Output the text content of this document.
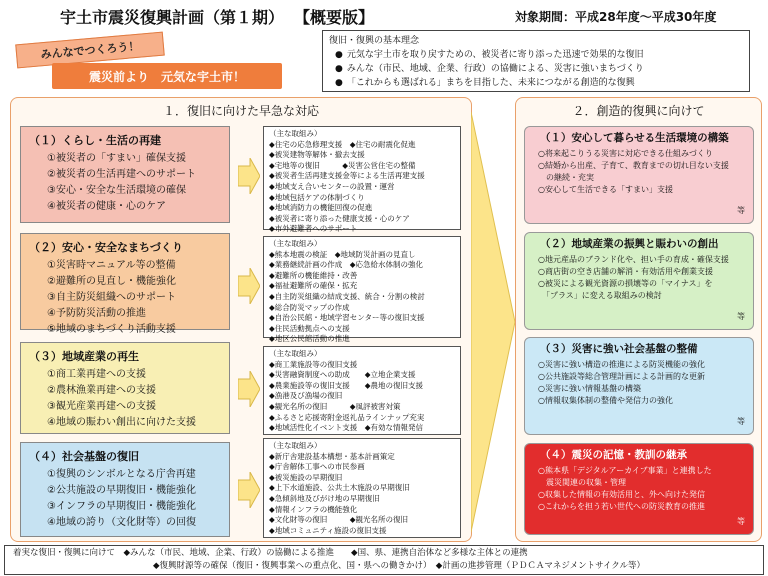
宇土市震災復興計画（第１期） 【概要版】	対象期間：平成28年度～平成30年度
みんなでつくろう！
震災前より　元気な宇土市！
復旧・復興の基本理念
● 元気な宇土市を取り戻すための、被災者に寄り添った迅速で効果的な復旧
● みんな（市民、地域、企業、行政）の協働による、災害に強いまちづくり
● 「これからも選ばれる」まちを目指した、未来につながる創造的な復興
１．復旧に向けた早急な対応	２．創造的復興に向けて
（１）くらし・生活の再建
①被災者の「すまい」確保支援
②被災者の生活再建へのサポート
③安心・安全な生活環境の確保
④被災者の健康・心のケア
（２）安心・安全なまちづくり
①災害時マニュアル等の整備
②避難所の見直し・機能強化
③自主防災組織へのサポート
④予防防災活動の推進
⑤地域のまちづくり活動支援
（３）地域産業の再生
①商工業再建への支援
②農林漁業再建への支援
③観光産業再建への支援
④地域の賑わい創出に向けた支援
（４）社会基盤の復旧
①復興のシンボルとなる庁舎再建
②公共施設の早期復旧・機能強化
③インフラの早期復旧・機能強化
④地域の誇り（文化財等）の回復
（主な取組み）
◆住宅の応急修理支援　◆住宅の耐震化促進
◆被災建物等解体・撤去支援
◆宅地等の復旧　　　◆災害公営住宅の整備
◆被災者生活再建支援金等による生活再建支援
◆地域支え合いセンターの設置・運営
◆地域包括ケアの体制づくり
◆地域消防力の機能回復の促進
◆被災者に寄り添った健康支援・心のケア
◆市外避難者へのサポート
（主な取組み）
◆熊本地震の検証　◆地域防災計画の見直し
◆業務継続計画の作成　◆応急給水体制の強化
◆避難所の機能維持・改善
◆福祉避難所の確保・拡充
◆自主防災組織の結成支援、統合・分割の検討
◆総合防災マップの作成
◆自治公民館・地域学習センター等の復旧支援
◆住民活動拠点への支援
◆地区公民館活動の推進
（主な取組み）
◆商工業施設等の復旧支援
◆災害融資制度への助成　　◆立地企業支援
◆農業施設等の復旧支援　　◆農地の復旧支援
◆漁港及び漁場の復旧
◆観光名所の復旧　　　◆風評被害対策
◆ふるさと応援寄附金返礼品ラインナップ充実
◆地域活性化イベント支援　◆有効な情報発信
（主な取組み）
◆新庁舎建設基本構想・基本計画策定
◆庁舎解体工事への市民参画
◆被災施設の早期復旧
◆上下水道施設、公共土木施設の早期復旧
◆急傾斜地及びがけ地の早期復旧
◆情報インフラの機能強化
◆文化財等の復旧　　　◆観光名所の復旧
◆地域コミュニティ施設の復旧支援
（１）安心して暮らせる生活環境の構築
○将来起こりうる災害に対応できる仕組みづくり
○結婚から出産、子育て、教育までの切れ目ない支援
　の継続・充実
○安心して生活できる「すまい」支援
等
（２）地域産業の振興と賑わいの創出
○地元産品のブランド化や、担い手の育成・確保支援
○商店街の空き店舗の解消・有効活用や創業支援
○被災による観光資源の損壊等の「マイナス」を
　「プラス」に変える取組みの検討
等
（３）災害に強い社会基盤の整備
○災害に強い構造の推進による防災機能の強化
○公共施設等総合管理計画による計画的な更新
○災害に強い情報基盤の構築
○情報収集体制の整備や発信力の強化
等
（４）震災の記憶・教訓の継承
○熊本県「デジタルアーカイブ事業」と連携した
　震災関連の収集・管理
○収集した情報の有効活用と、外へ向けた発信
○これからを担う若い世代への防災教育の推進
等
着実な復旧・復興に向けて　◆みんな（市民、地域、企業、行政）の協働による推進　　◆国、県、連携自治体など多様な主体との連携
◆復興財源等の確保（復旧・復興事業への重点化、国・県への働きかけ）　◆計画の進捗管理（ＰＤＣＡマネジメントサイクル等）
